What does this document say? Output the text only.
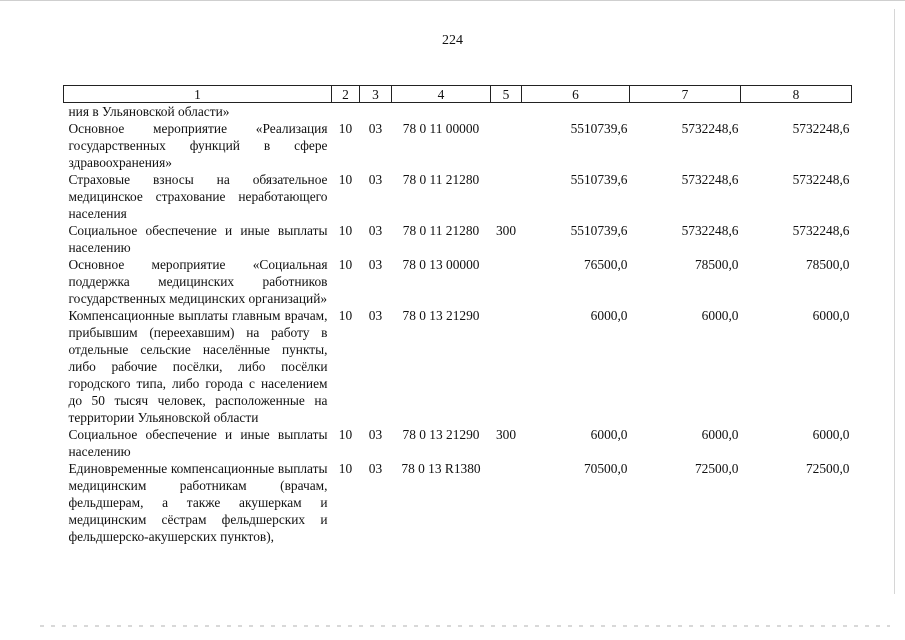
224
1	2	3	4	5	6	7	8
ния в Ульяновской области»							
Основное мероприятие «Реализация государственных функций в сфере здравоохранения»	10	03	78 0 11 00000		5510739,6	5732248,6	5732248,6
Страховые взносы на обязательное медицинское страхование неработающего населения	10	03	78 0 11 21280		5510739,6	5732248,6	5732248,6
Социальное обеспечение и иные выплаты населению	10	03	78 0 11 21280	300	5510739,6	5732248,6	5732248,6
Основное мероприятие «Социальная поддержка медицинских работников государственных медицинских организаций»	10	03	78 0 13 00000		76500,0	78500,0	78500,0
Компенсационные выплаты главным врачам, прибывшим (переехавшим) на работу в отдельные сельские населённые пункты, либо рабочие посёлки, либо посёлки городского типа, либо города с населением до 50 тысяч человек, расположенные на территории Ульяновской области	10	03	78 0 13 21290		6000,0	6000,0	6000,0
Социальное обеспечение и иные выплаты населению	10	03	78 0 13 21290	300	6000,0	6000,0	6000,0
Единовременные компенсационные выплаты медицинским работникам (врачам, фельдшерам, а также акушеркам и медицинским сёстрам фельдшерских и фельдшерско-акушерских пунктов),	10	03	78 0 13 R1380		70500,0	72500,0	72500,0
